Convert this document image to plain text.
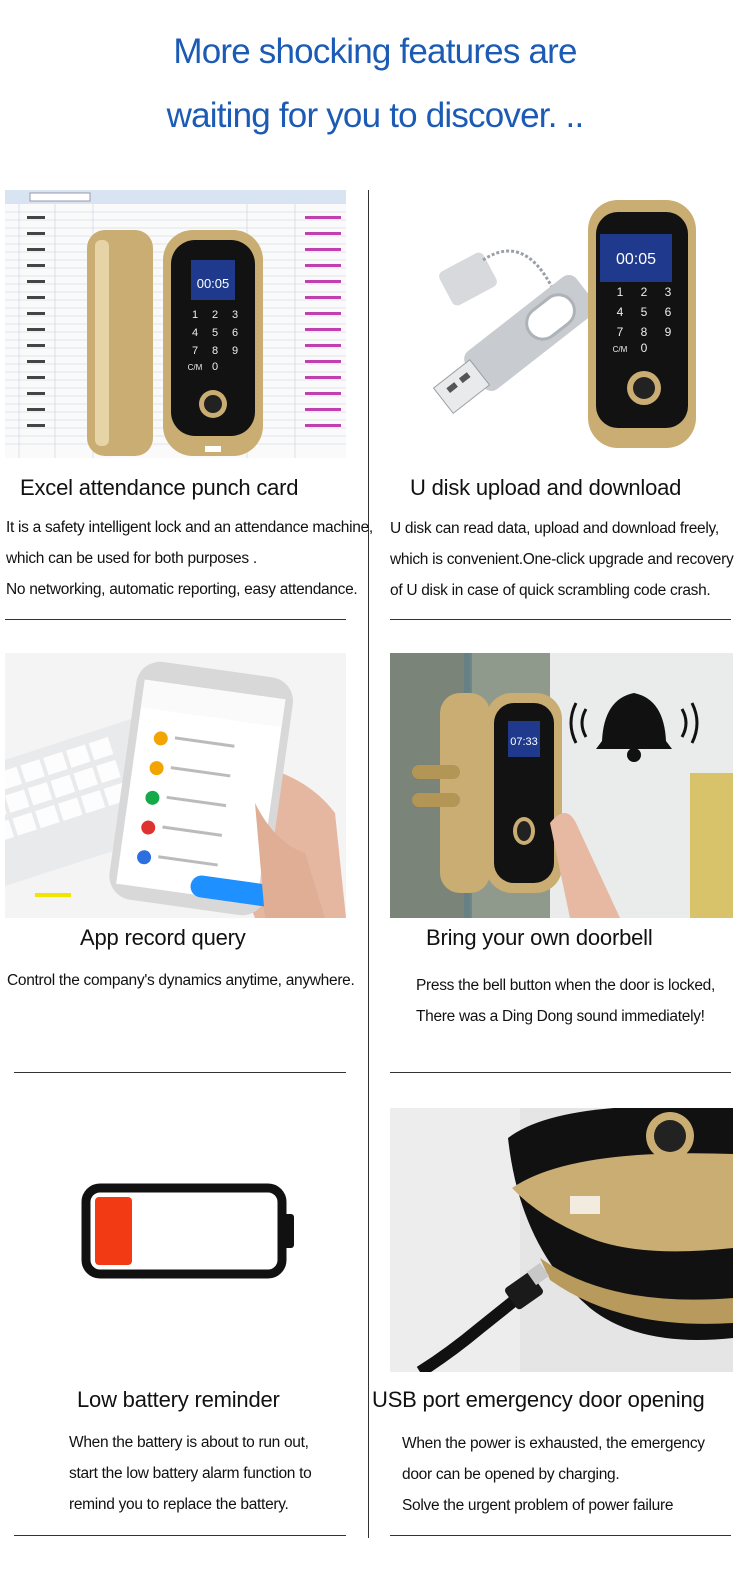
More shocking features are
waiting for you to discover. ..
00:05
1 2 3
4 5 6
7 8 9
C/M 0
00:05
1 2 3
4 5 6
7 8 9
C/M 0
Excel attendance punch card
It is a safety intelligent lock and an attendance machine,
which can be used for both purposes .
No networking, automatic reporting, easy attendance.
U disk upload and download
U disk can read data, upload and download freely,
which is convenient.One-click upgrade and recovery
of U disk in case of quick scrambling code crash.
07:33
App record query
Control the company's dynamics anytime, anywhere.
Bring your own doorbell
Press the bell button when the door is locked,
There was a Ding Dong sound immediately!
Low battery reminder
When the battery is about to run out,
start the low battery alarm function to
remind you to replace the battery.
USB port emergency door opening
When the power is exhausted, the emergency
door can be opened by charging.
Solve the urgent problem of power failure
